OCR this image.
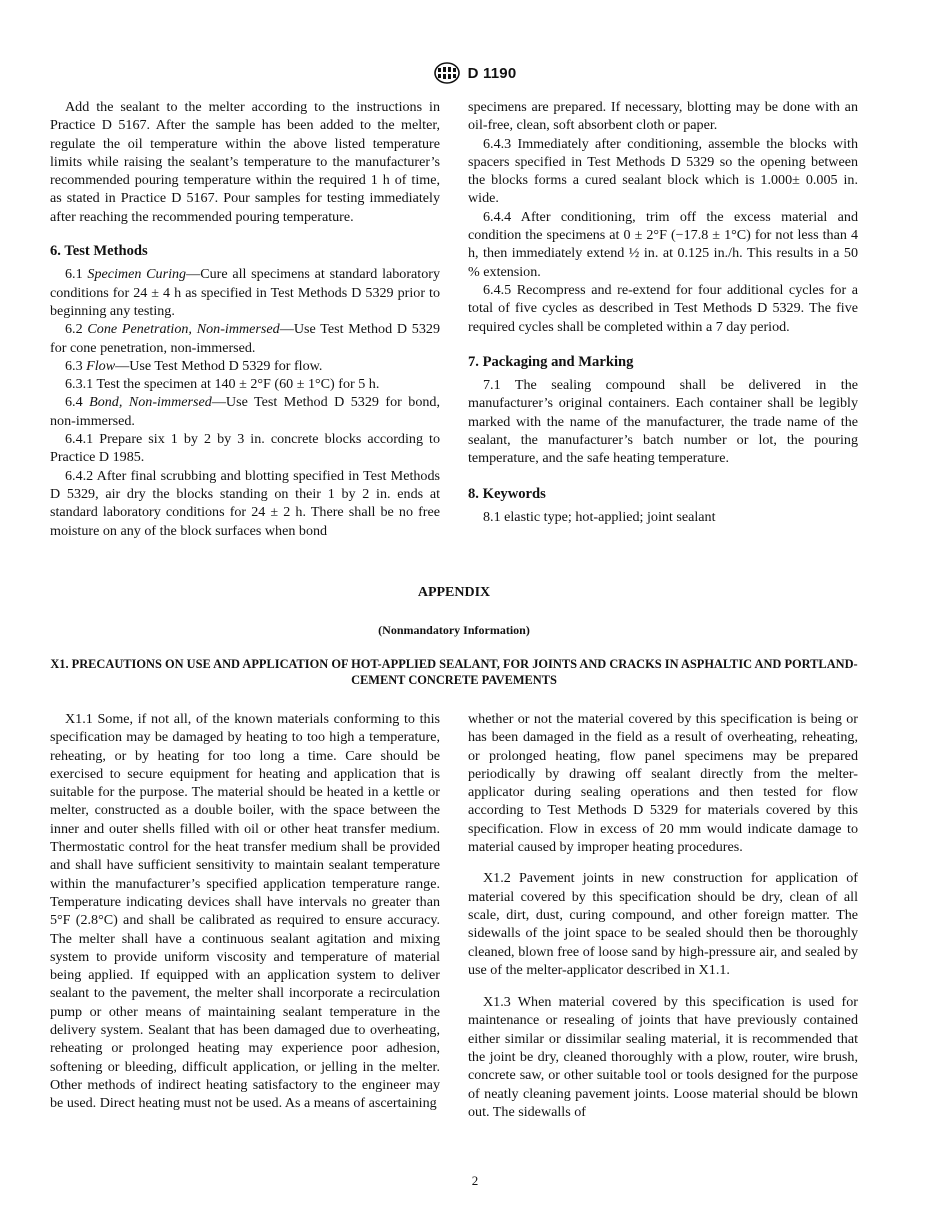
D 1190

Add the sealant to the melter according to the instructions in Practice D 5167. After the sample has been added to the melter, regulate the oil temperature within the above listed temperature limits while raising the sealant’s temperature to the manufacturer’s recommended pouring temperature within the required 1 h of time, as stated in Practice D 5167. Pour samples for testing immediately after reaching the recommended pouring temperature.

6. Test Methods

6.1 Specimen Curing—Cure all specimens at standard laboratory conditions for 24 ± 4 h as specified in Test Methods D 5329 prior to beginning any testing.

6.2 Cone Penetration, Non-immersed—Use Test Method D 5329 for cone penetration, non-immersed.

6.3 Flow—Use Test Method D 5329 for flow.

6.3.1 Test the specimen at 140 ± 2°F (60 ± 1°C) for 5 h.

6.4 Bond, Non-immersed—Use Test Method D 5329 for bond, non-immersed.

6.4.1 Prepare six 1 by 2 by 3 in. concrete blocks according to Practice D 1985.

6.4.2 After final scrubbing and blotting specified in Test Methods D 5329, air dry the blocks standing on their 1 by 2 in. ends at standard laboratory conditions for 24 ± 2 h. There shall be no free moisture on any of the block surfaces when bond

specimens are prepared. If necessary, blotting may be done with an oil-free, clean, soft absorbent cloth or paper.

6.4.3 Immediately after conditioning, assemble the blocks with spacers specified in Test Methods D 5329 so the opening between the blocks forms a cured sealant block which is 1.000± 0.005 in. wide.

6.4.4 After conditioning, trim off the excess material and condition the specimens at 0 ± 2°F (−17.8 ± 1°C) for not less than 4 h, then immediately extend ½ in. at 0.125 in./h. This results in a 50 % extension.

6.4.5 Recompress and re-extend for four additional cycles for a total of five cycles as described in Test Methods D 5329. The five required cycles shall be completed within a 7 day period.

7. Packaging and Marking

7.1 The sealing compound shall be delivered in the manufacturer’s original containers. Each container shall be legibly marked with the name of the manufacturer, the trade name of the sealant, the manufacturer’s batch number or lot, the pouring temperature, and the safe heating temperature.

8. Keywords

8.1 elastic type; hot-applied; joint sealant

APPENDIX
(Nonmandatory Information)
X1. PRECAUTIONS ON USE AND APPLICATION OF HOT-APPLIED SEALANT, FOR JOINTS AND CRACKS IN ASPHALTIC AND PORTLAND-CEMENT CONCRETE PAVEMENTS

X1.1 Some, if not all, of the known materials conforming to this specification may be damaged by heating to too high a temperature, reheating, or by heating for too long a time. Care should be exercised to secure equipment for heating and application that is suitable for the purpose. The material should be heated in a kettle or melter, constructed as a double boiler, with the space between the inner and outer shells filled with oil or other heat transfer medium. Thermostatic control for the heat transfer medium shall be provided and shall have sufficient sensitivity to maintain sealant temperature within the manufacturer’s specified application temperature range. Temperature indicating devices shall have intervals no greater than 5°F (2.8°C) and shall be calibrated as required to ensure accuracy. The melter shall have a continuous sealant agitation and mixing system to provide uniform viscosity and temperature of material being applied. If equipped with an application system to deliver sealant to the pavement, the melter shall incorporate a recirculation pump or other means of maintaining sealant temperature in the delivery system. Sealant that has been damaged due to overheating, reheating or prolonged heating may experience poor adhesion, softening or bleeding, difficult application, or jelling in the melter. Other methods of indirect heating satisfactory to the engineer may be used. Direct heating must not be used. As a means of ascertaining

whether or not the material covered by this specification is being or has been damaged in the field as a result of overheating, reheating, or prolonged heating, flow panel specimens may be prepared periodically by drawing off sealant directly from the melter-applicator during sealing operations and then tested for flow according to Test Methods D 5329 for materials covered by this specification. Flow in excess of 20 mm would indicate damage to material caused by improper heating procedures.

X1.2 Pavement joints in new construction for application of material covered by this specification should be dry, clean of all scale, dirt, dust, curing compound, and other foreign matter. The sidewalls of the joint space to be sealed should then be thoroughly cleaned, blown free of loose sand by high-pressure air, and sealed by use of the melter-applicator described in X1.1.

X1.3 When material covered by this specification is used for maintenance or resealing of joints that have previously contained either similar or dissimilar sealing material, it is recommended that the joint be dry, cleaned thoroughly with a plow, router, wire brush, concrete saw, or other suitable tool or tools designed for the purpose of neatly cleaning pavement joints. Loose material should be blown out. The sidewalls of

2
